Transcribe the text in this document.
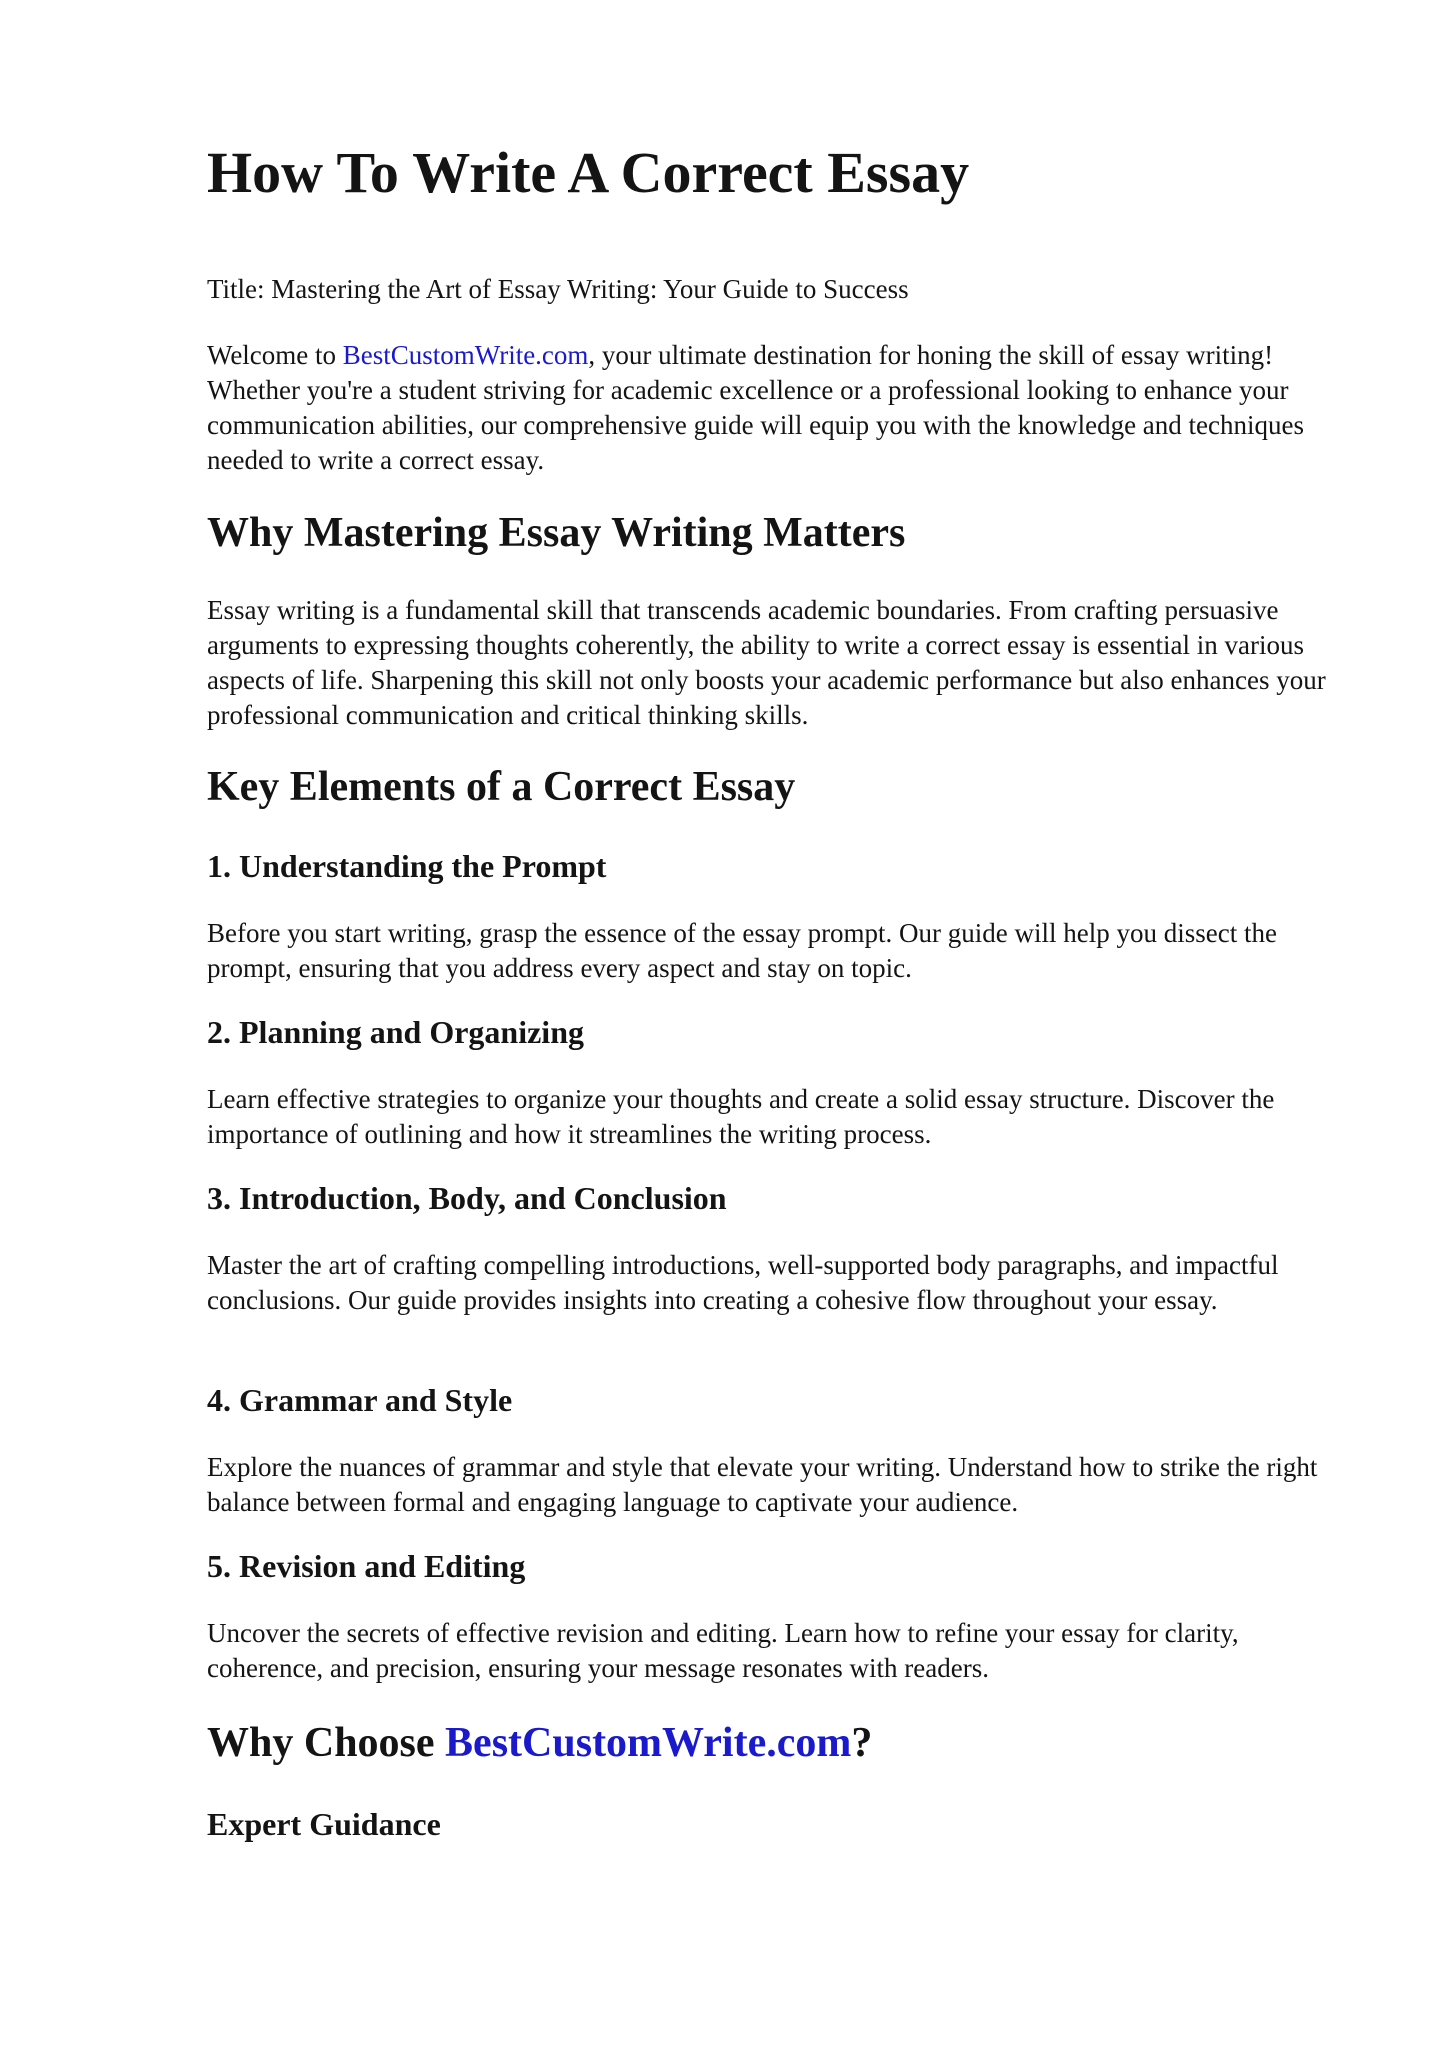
How To Write A Correct Essay

Title: Mastering the Art of Essay Writing: Your Guide to Success

Welcome to BestCustomWrite.com, your ultimate destination for honing the skill of essay writing! Whether you're a student striving for academic excellence or a professional looking to enhance your communication abilities, our comprehensive guide will equip you with the knowledge and techniques needed to write a correct essay.

Why Mastering Essay Writing Matters

Essay writing is a fundamental skill that transcends academic boundaries. From crafting persuasive arguments to expressing thoughts coherently, the ability to write a correct essay is essential in various aspects of life. Sharpening this skill not only boosts your academic performance but also enhances your professional communication and critical thinking skills.

Key Elements of a Correct Essay
1. Understanding the Prompt

Before you start writing, grasp the essence of the essay prompt. Our guide will help you dissect the prompt, ensuring that you address every aspect and stay on topic.

2. Planning and Organizing

Learn effective strategies to organize your thoughts and create a solid essay structure. Discover the importance of outlining and how it streamlines the writing process.

3. Introduction, Body, and Conclusion

Master the art of crafting compelling introductions, well-supported body paragraphs, and impactful conclusions. Our guide provides insights into creating a cohesive flow throughout your essay.

4. Grammar and Style

Explore the nuances of grammar and style that elevate your writing. Understand how to strike the right balance between formal and engaging language to captivate your audience.

5. Revision and Editing

Uncover the secrets of effective revision and editing. Learn how to refine your essay for clarity, coherence, and precision, ensuring your message resonates with readers.

Why Choose BestCustomWrite.com?
Expert Guidance
